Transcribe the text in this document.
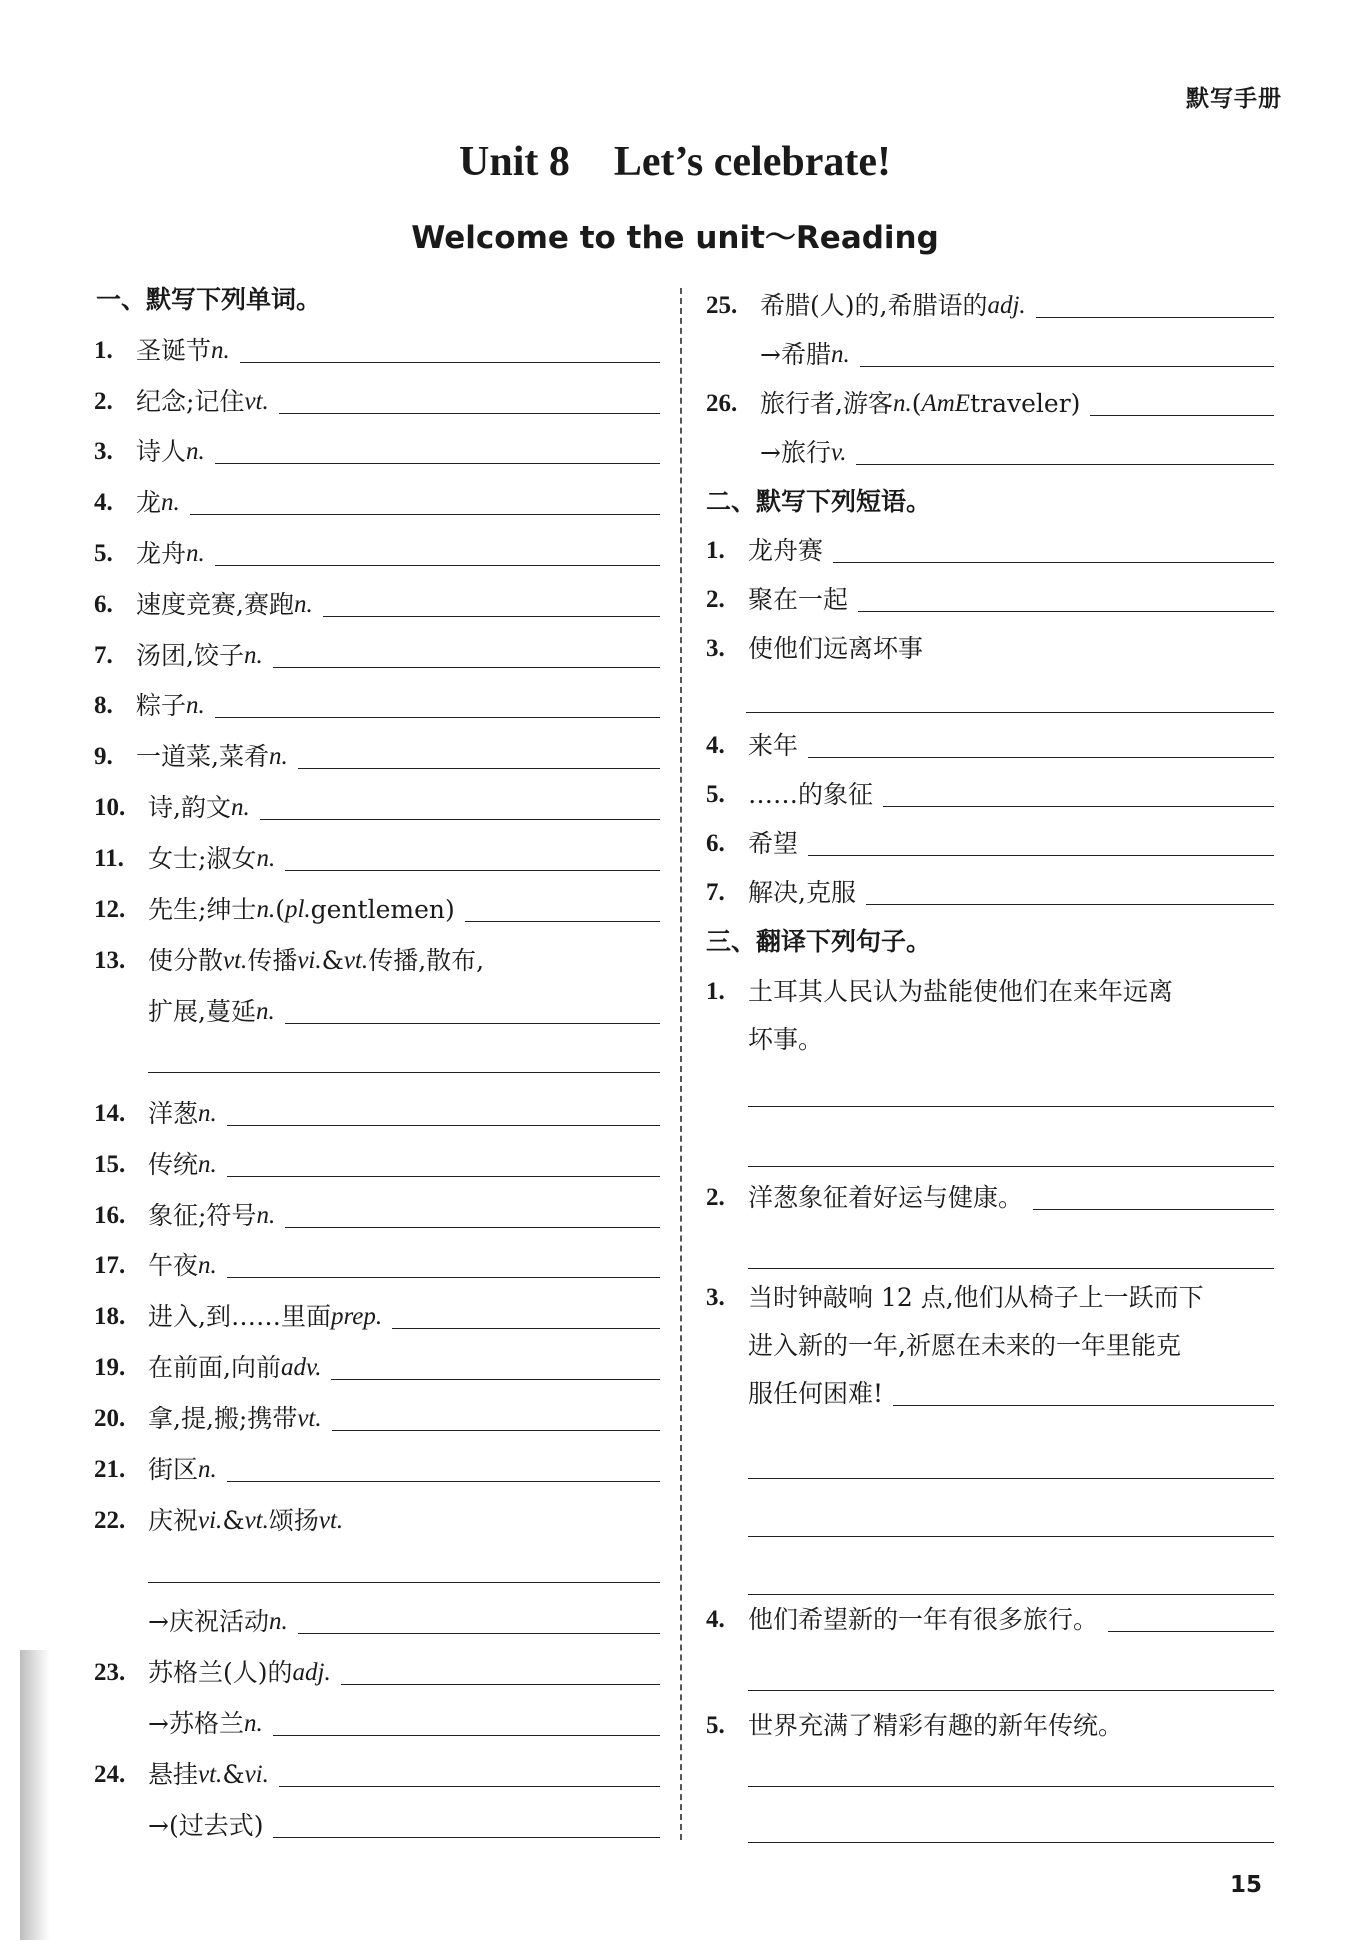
默写手册
Unit 8 Let’s celebrate!
Welcome to the unit～Reading
一、默写下列单词。
1. 圣诞节 n.
2. 纪念;记住 vt.
3. 诗人 n.
4. 龙 n.
5. 龙舟 n.
6. 速度竞赛,赛跑 n.
7. 汤团,饺子 n.
8. 粽子 n.
9. 一道菜,菜肴 n.
10. 诗,韵文 n.
11. 女士;淑女 n.
12. 先生;绅士 n. ( pl. gentlemen)
13. 使分散 vt. 传播 vi. & vt. 传播,散布,
扩展,蔓延 n.
14. 洋葱 n.
15. 传统 n.
16. 象征;符号 n.
17. 午夜 n.
18. 进入,到……里面 prep.
19. 在前面,向前 adv.
20. 拿,提,搬;携带 vt.
21. 街区 n.
22. 庆祝 vi. & vt. 颂扬 vt.
→庆祝活动 n.
23. 苏格兰(人)的 adj.
→苏格兰 n.
24. 悬挂 vt. & vi.
→(过去式)
25. 希腊(人)的,希腊语的 adj.
→希腊 n.
26. 旅行者,游客 n. ( AmE traveler)
→旅行 v.
二、默写下列短语。
1. 龙舟赛
2. 聚在一起
3. 使他们远离坏事
4. 来年
5. ……的象征
6. 希望
7. 解决,克服
三、翻译下列句子。
1. 土耳其人民认为盐能使他们在来年远离
坏事。
2. 洋葱象征着好运与健康。
3. 当时钟敲响 12 点,他们从椅子上一跃而下
进入新的一年,祈愿在未来的一年里能克
服任何困难!
4. 他们希望新的一年有很多旅行。
5. 世界充满了精彩有趣的新年传统。
15
